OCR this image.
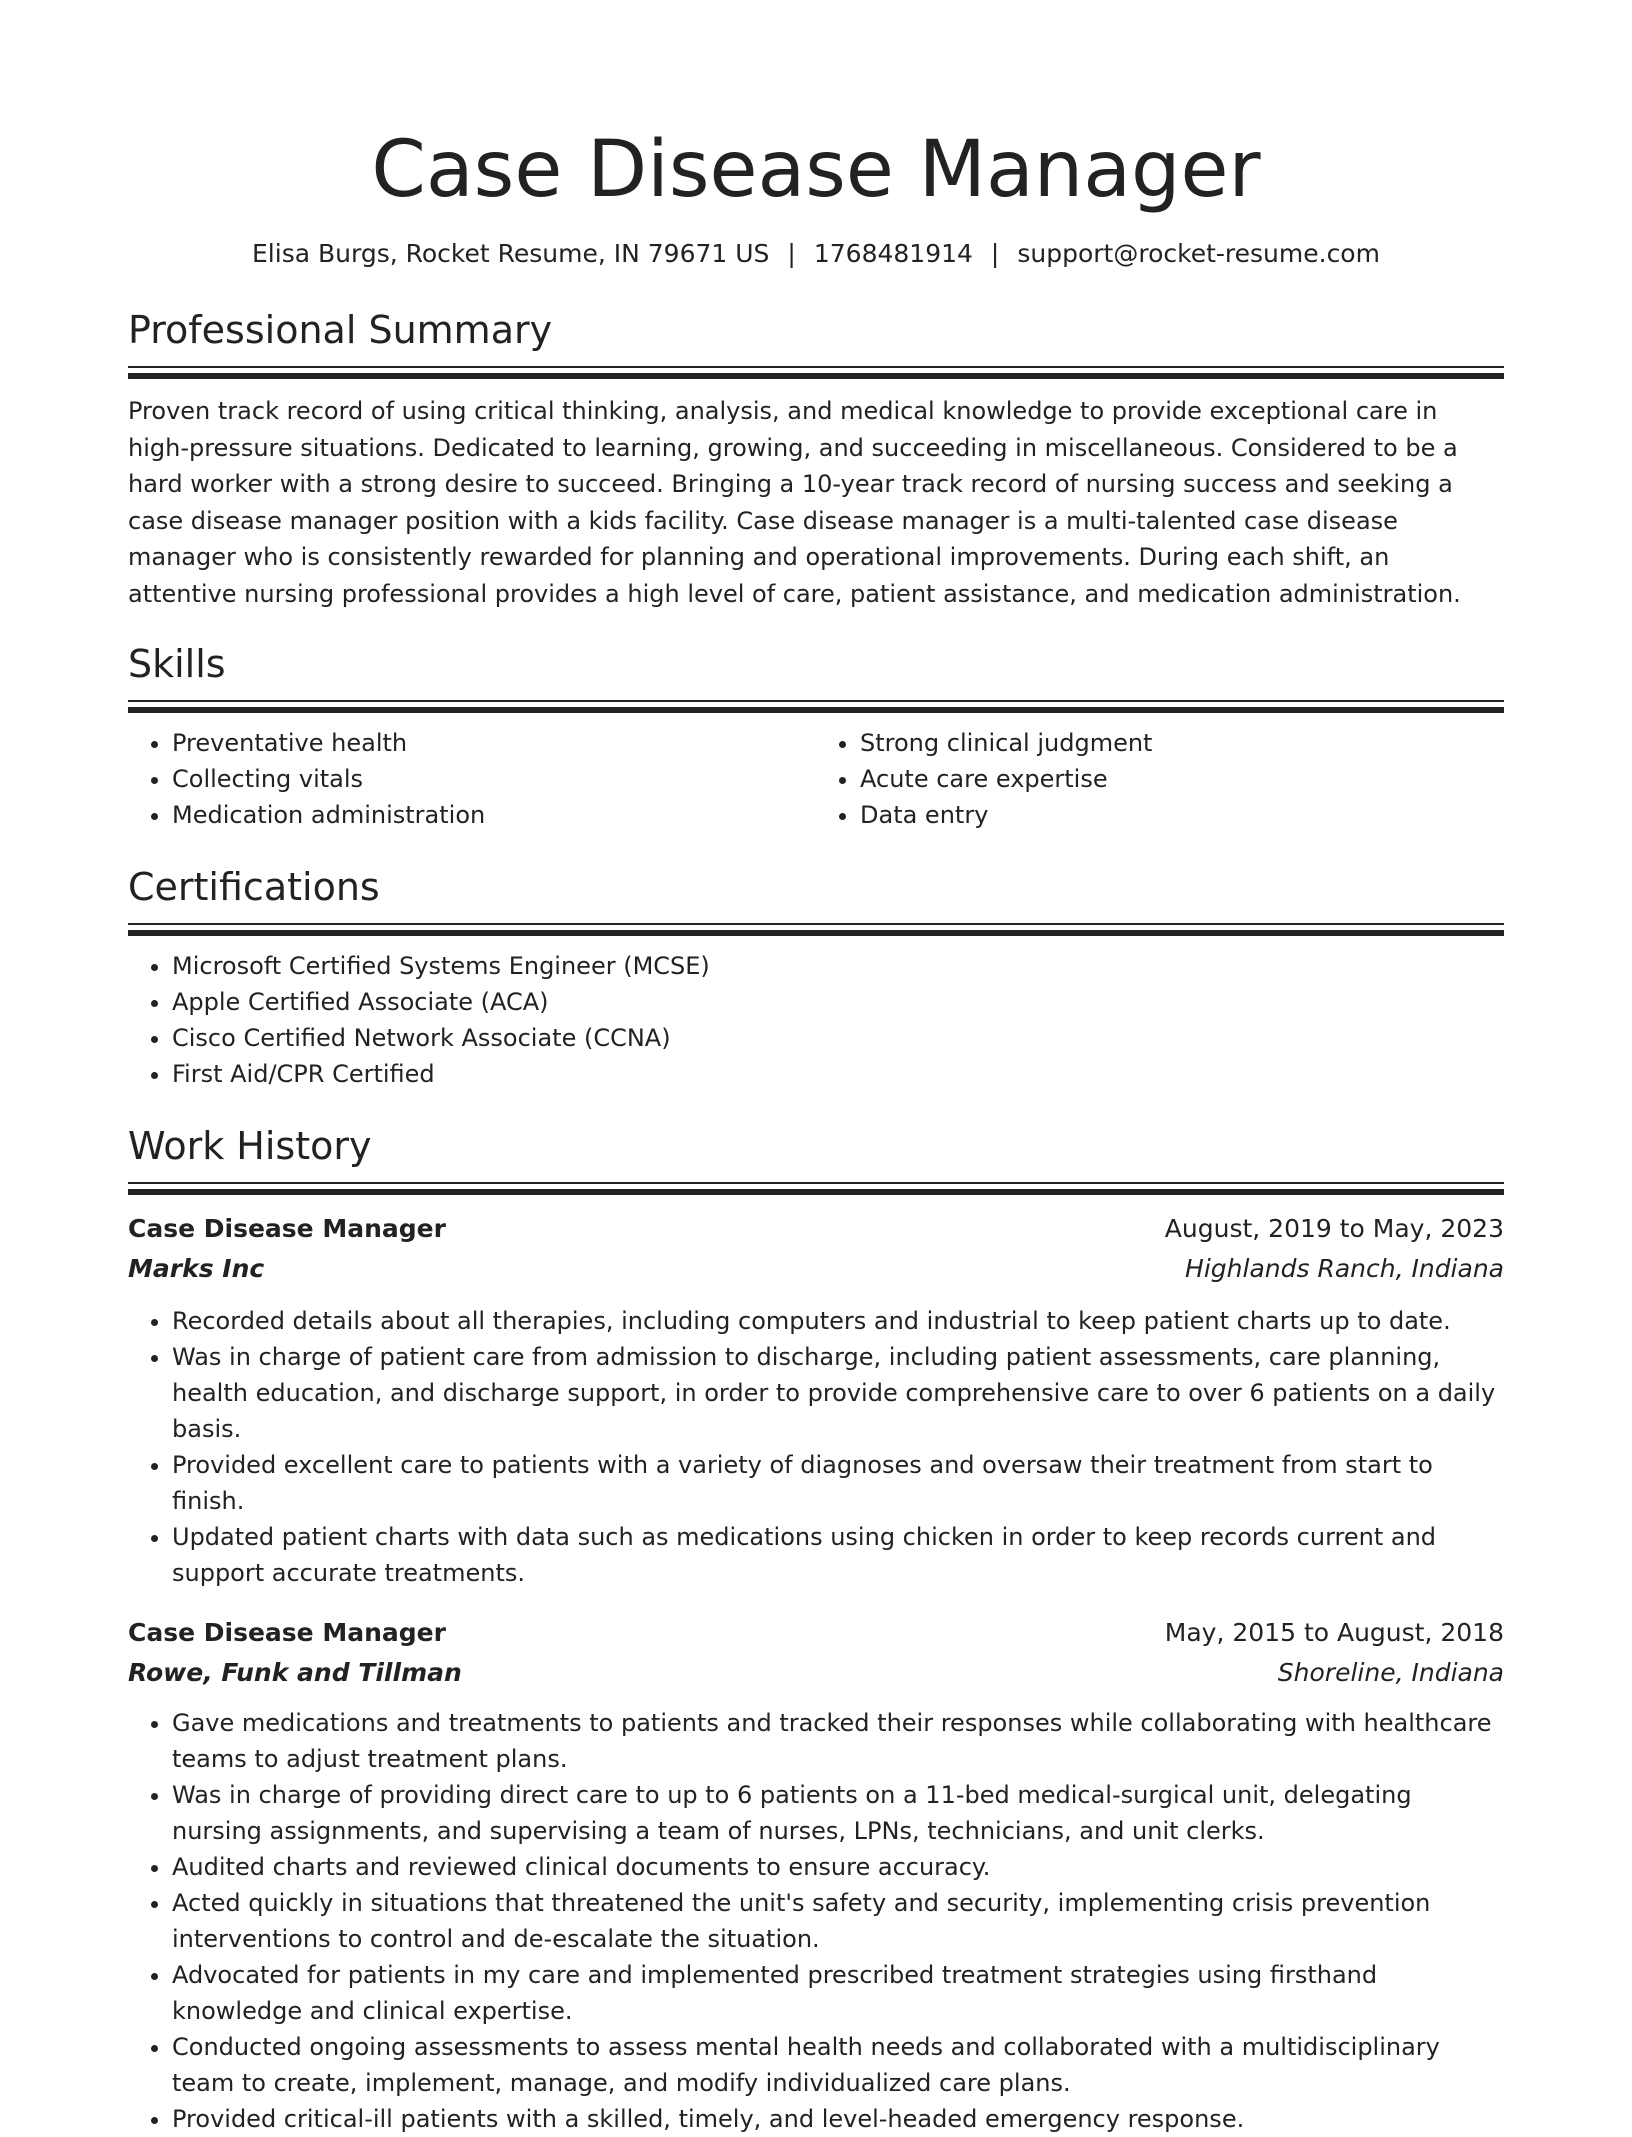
Case Disease Manager
Elisa Burgs, Rocket Resume, IN 79671 US | 1768481914 | support@rocket-resume.com
Professional Summary

Proven track record of using critical thinking, analysis, and medical knowledge to provide exceptional care in high-pressure situations. Dedicated to learning, growing, and succeeding in miscellaneous. Considered to be a hard worker with a strong desire to succeed. Bringing a 10-year track record of nursing success and seeking a case disease manager position with a kids facility. Case disease manager is a multi-talented case disease manager who is consistently rewarded for planning and operational improvements. During each shift, an attentive nursing professional provides a high level of care, patient assistance, and medication administration.

Skills
• Preventative health
• Collecting vitals
• Medication administration
• Strong clinical judgment
• Acute care expertise
• Data entry
Certifications
• Microsoft Certified Systems Engineer (MCSE)
• Apple Certified Associate (ACA)
• Cisco Certified Network Associate (CCNA)
• First Aid/CPR Certified
Work History
Case Disease Manager	August, 2019 to May, 2023
Marks Inc	Highlands Ranch, Indiana
• Recorded details about all therapies, including computers and industrial to keep patient charts up to date.
• Was in charge of patient care from admission to discharge, including patient assessments, care planning, health education, and discharge support, in order to provide comprehensive care to over 6 patients on a daily basis.
• Provided excellent care to patients with a variety of diagnoses and oversaw their treatment from start to finish.
• Updated patient charts with data such as medications using chicken in order to keep records current and support accurate treatments.
Case Disease Manager	May, 2015 to August, 2018
Rowe, Funk and Tillman	Shoreline, Indiana
• Gave medications and treatments to patients and tracked their responses while collaborating with healthcare teams to adjust treatment plans.
• Was in charge of providing direct care to up to 6 patients on a 11-bed medical-surgical unit, delegating nursing assignments, and supervising a team of nurses, LPNs, technicians, and unit clerks.
• Audited charts and reviewed clinical documents to ensure accuracy.
• Acted quickly in situations that threatened the unit's safety and security, implementing crisis prevention interventions to control and de-escalate the situation.
• Advocated for patients in my care and implemented prescribed treatment strategies using firsthand knowledge and clinical expertise.
• Conducted ongoing assessments to assess mental health needs and collaborated with a multidisciplinary team to create, implement, manage, and modify individualized care plans.
• Provided critical-ill patients with a skilled, timely, and level-headed emergency response.
